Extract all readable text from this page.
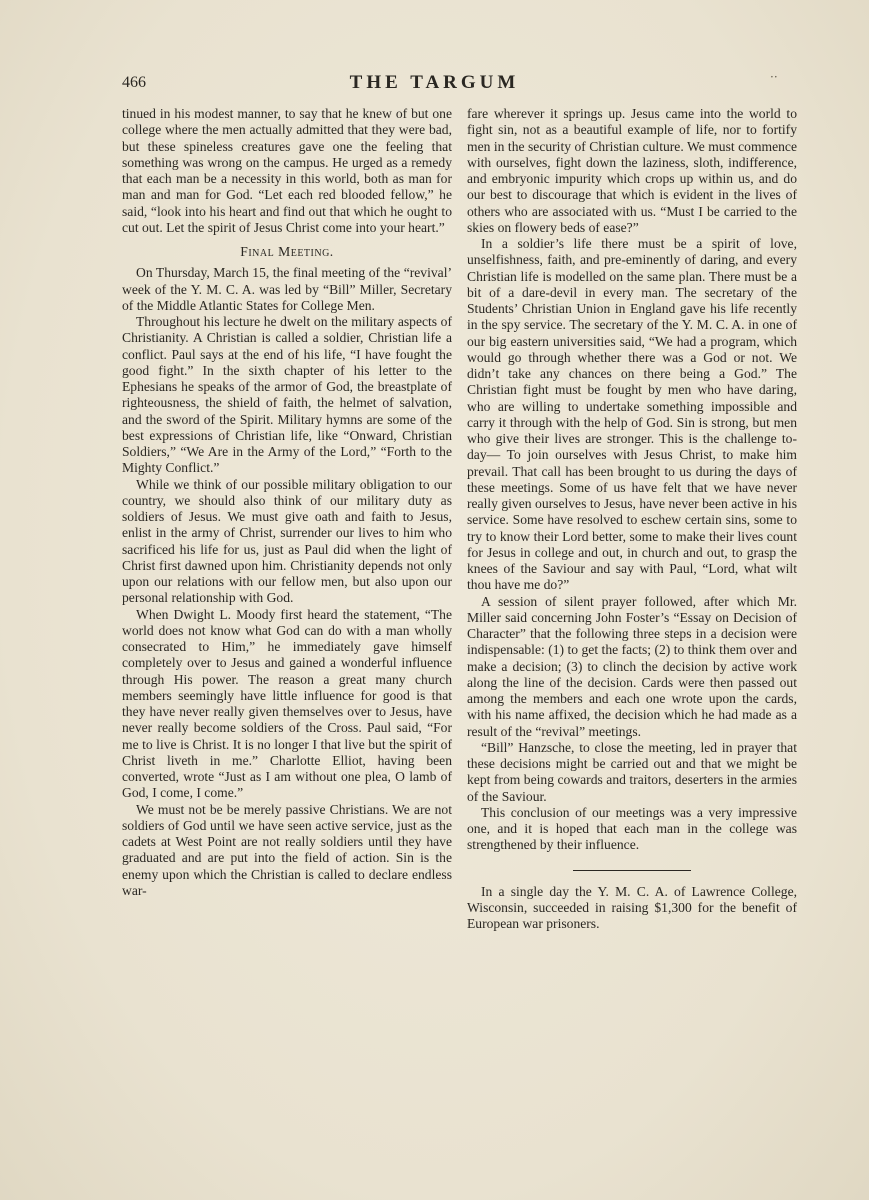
466	THE TARGUM	··

tinued in his modest manner, to say that he knew of but one college where the men actually admitted that they were bad, but these spineless creatures gave one the feeling that something was wrong on the campus. He urged as a remedy that each man be a necessity in this world, both as man for man and man for God. “Let each red blooded fellow,” he said, “look into his heart and find out that which he ought to cut out. Let the spirit of Jesus Christ come into your heart.”

Final Meeting.

On Thursday, March 15, the final meeting of the “revival’ week of the Y. M. C. A. was led by “Bill” Miller, Secretary of the Middle Atlantic States for College Men.

Throughout his lecture he dwelt on the military aspects of Christianity. A Christian is called a soldier, Christian life a conflict. Paul says at the end of his life, “I have fought the good fight.” In the sixth chapter of his letter to the Ephesians he speaks of the armor of God, the breastplate of righteousness, the shield of faith, the helmet of salvation, and the sword of the Spirit. Military hymns are some of the best expressions of Christian life, like “Onward, Christian Soldiers,” “We Are in the Army of the Lord,” “Forth to the Mighty Conflict.”

While we think of our possible military obligation to our country, we should also think of our military duty as soldiers of Jesus. We must give oath and faith to Jesus, enlist in the army of Christ, surrender our lives to him who sacrificed his life for us, just as Paul did when the light of Christ first dawned upon him. Christianity depends not only upon our relations with our fellow men, but also upon our personal relationship with God.

When Dwight L. Moody first heard the statement, “The world does not know what God can do with a man wholly consecrated to Him,” he immediately gave himself completely over to Jesus and gained a wonderful influence through His power. The reason a great many church members seemingly have little influence for good is that they have never really given themselves over to Jesus, have never really become soldiers of the Cross. Paul said, “For me to live is Christ. It is no longer I that live but the spirit of Christ liveth in me.” Charlotte Elliot, having been converted, wrote “Just as I am without one plea, O lamb of God, I come, I come.”

We must not be be merely passive Christians. We are not soldiers of God until we have seen active service, just as the cadets at West Point are not really soldiers until they have graduated and are put into the field of action. Sin is the enemy upon which the Christian is called to declare endless war-

fare wherever it springs up. Jesus came into the world to fight sin, not as a beautiful example of life, nor to fortify men in the security of Christian culture. We must commence with ourselves, fight down the laziness, sloth, indifference, and embryonic impurity which crops up within us, and do our best to discourage that which is evident in the lives of others who are associated with us. “Must I be carried to the skies on flowery beds of ease?”

In a soldier’s life there must be a spirit of love, unselfishness, faith, and pre-eminently of daring, and every Christian life is modelled on the same plan. There must be a bit of a dare-devil in every man. The secretary of the Students’ Christian Union in England gave his life recently in the spy service. The secretary of the Y. M. C. A. in one of our big eastern universities said, “We had a program, which would go through whether there was a God or not. We didn’t take any chances on there being a God.” The Christian fight must be fought by men who have daring, who are willing to undertake something impossible and carry it through with the help of God. Sin is strong, but men who give their lives are stronger. This is the challenge to-day— To join ourselves with Jesus Christ, to make him prevail. That call has been brought to us during the days of these meetings. Some of us have felt that we have never really given ourselves to Jesus, have never been active in his service. Some have resolved to eschew certain sins, some to try to know their Lord better, some to make their lives count for Jesus in college and out, in church and out, to grasp the knees of the Saviour and say with Paul, “Lord, what wilt thou have me do?”

A session of silent prayer followed, after which Mr. Miller said concerning John Foster’s “Essay on Decision of Character” that the following three steps in a decision were indispensable: (1) to get the facts; (2) to think them over and make a decision; (3) to clinch the decision by active work along the line of the decision. Cards were then passed out among the members and each one wrote upon the cards, with his name affixed, the decision which he had made as a result of the “revival” meetings.

“Bill” Hanzsche, to close the meeting, led in prayer that these decisions might be carried out and that we might be kept from being cowards and traitors, deserters in the armies of the Saviour.

This conclusion of our meetings was a very impressive one, and it is hoped that each man in the college was strengthened by their influence.

In a single day the Y. M. C. A. of Lawrence College, Wisconsin, succeeded in raising $1,300 for the benefit of European war prisoners.
